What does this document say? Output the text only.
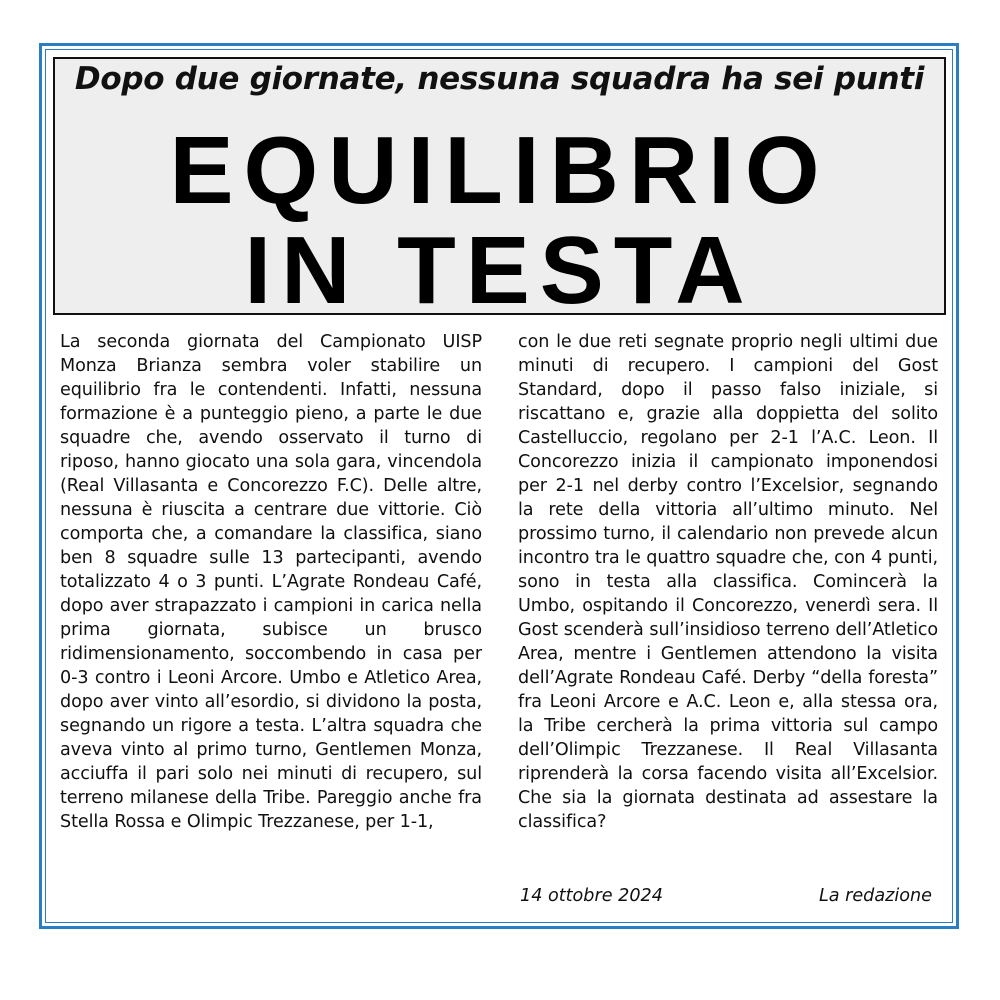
Dopo due giornate, nessuna squadra ha sei punti
EQUILIBRIO
IN TESTA

La seconda giornata del Campionato UISP Monza Brianza sembra voler stabilire un equilibrio fra le contendenti. Infatti, nessuna formazione è a punteggio pieno, a parte le due squadre che, avendo osservato il turno di riposo, hanno giocato una sola gara, vincendola (Real Villasanta e Concorezzo F.C). Delle altre, nessuna è riuscita a centrare due vittorie. Ciò comporta che, a comandare la classifica, siano ben 8 squadre sulle 13 partecipanti, avendo totalizzato 4 o 3 punti. L’Agrate Rondeau Café, dopo aver strapazzato i campioni in carica nella prima giornata, subisce un brusco ridimensionamento, soccombendo in casa per 0-3 contro i Leoni Arcore. Umbo e Atletico Area, dopo aver vinto all’esordio, si dividono la posta, segnando un rigore a testa. L’altra squadra che aveva vinto al primo turno, Gentlemen Monza, acciuffa il pari solo nei minuti di recupero, sul terreno milanese della Tribe. Pareggio anche fra Stella Rossa e Olimpic Trezzanese, per 1-1,

con le due reti segnate proprio negli ultimi due minuti di recupero. I campioni del Gost Standard, dopo il passo falso iniziale, si riscattano e, grazie alla doppietta del solito Castelluccio, regolano per 2-1 l’A.C. Leon. Il Concorezzo inizia il campionato imponendosi per 2-1 nel derby contro l’Excelsior, segnando la rete della vittoria all’ultimo minuto. Nel prossimo turno, il calendario non prevede alcun incontro tra le quattro squadre che, con 4 punti, sono in testa alla classifica. Comincerà la Umbo, ospitando il Concorezzo, venerdì sera. Il Gost scenderà sull’insidioso terreno dell’Atletico Area, mentre i Gentlemen attendono la visita dell’Agrate Rondeau Café. Derby “della foresta” fra Leoni Arcore e A.C. Leon e, alla stessa ora, la Tribe cercherà la prima vittoria sul campo dell’Olimpic Trezzanese. Il Real Villasanta riprenderà la corsa facendo visita all’Excelsior. Che sia la giornata destinata ad assestare la classifica?

14 ottobre 2024	La redazione
